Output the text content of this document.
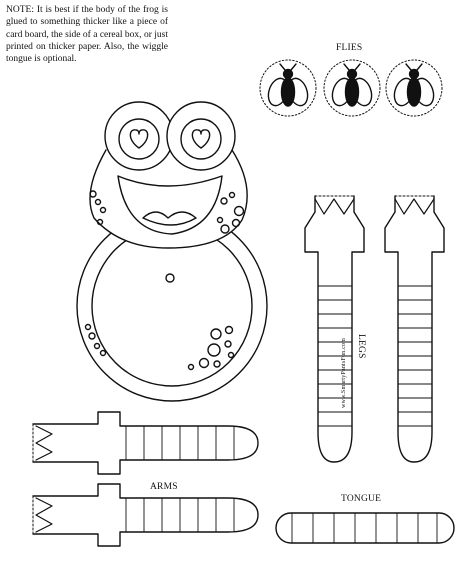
NOTE: It is best if the body of the frog is glued to something thicker like a piece of card board, the side of a cereal box, or just printed on thicker paper. Also, the wiggle tongue is optional.

FLIES
LEGS
ARMS
TONGUE
www.SmartyPantsFun.com
